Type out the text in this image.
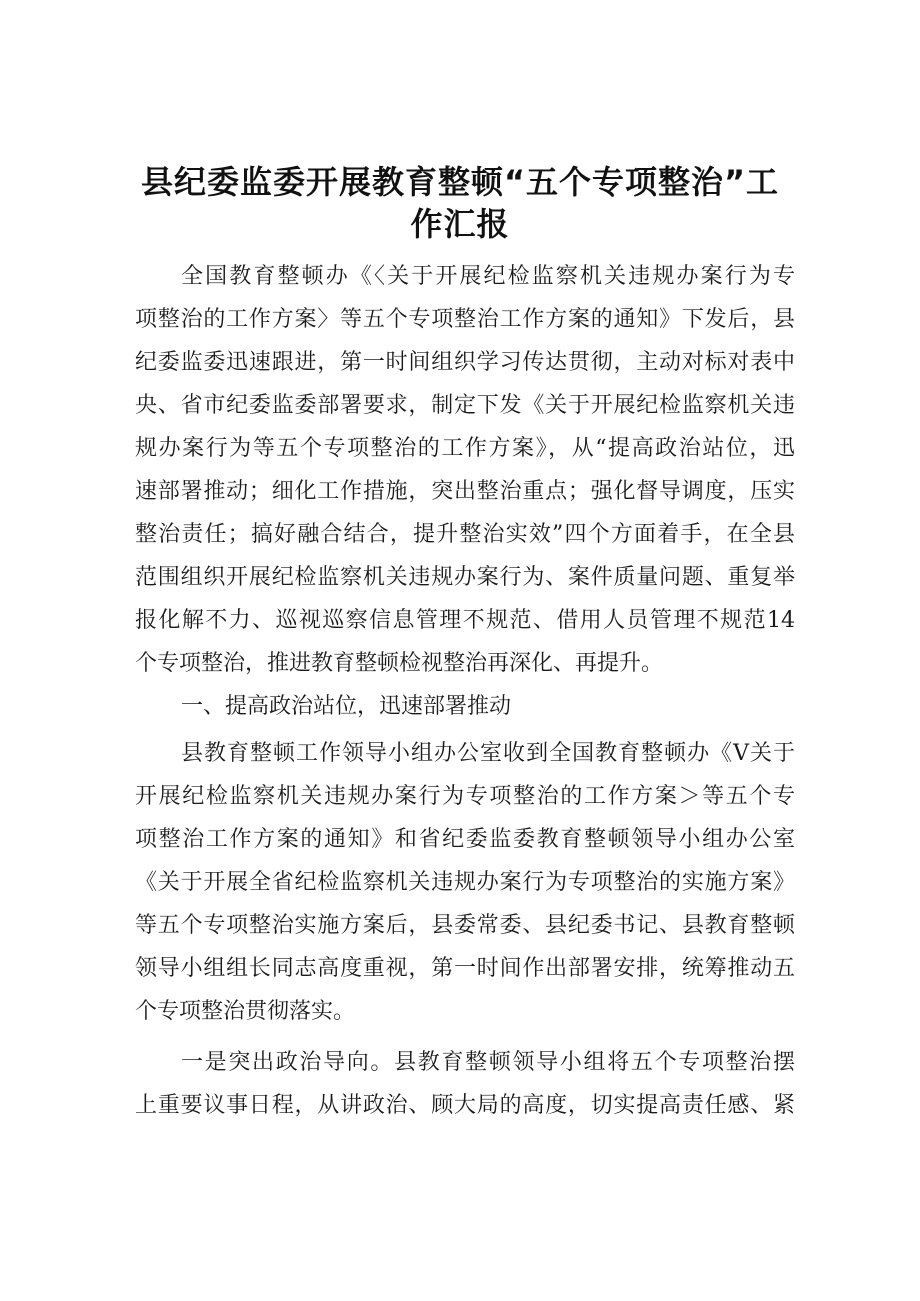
县纪委监委开展教育整顿“五个专项整治”工
作汇报
全国教育整顿办《〈关于开展纪检监察机关违规办案行为专
项整治的工作方案〉等五个专项整治工作方案的通知》下发后，县
纪委监委迅速跟进，第一时间组织学习传达贯彻，主动对标对表中
央、省市纪委监委部署要求，制定下发《关于开展纪检监察机关违
规办案行为等五个专项整治的工作方案》，从“提高政治站位，迅
速部署推动；细化工作措施，突出整治重点；强化督导调度，压实
整治责任；搞好融合结合，提升整治实效”四个方面着手，在全县
范围组织开展纪检监察机关违规办案行为、案件质量问题、重复举
报化解不力、巡视巡察信息管理不规范、借用人员管理不规范14
个专项整治，推进教育整顿检视整治再深化、再提升。
一、提高政治站位，迅速部署推动
县教育整顿工作领导小组办公室收到全国教育整顿办《V关于
开展纪检监察机关违规办案行为专项整治的工作方案＞等五个专
项整治工作方案的通知》和省纪委监委教育整顿领导小组办公室
《关于开展全省纪检监察机关违规办案行为专项整治的实施方案》
等五个专项整治实施方案后，县委常委、县纪委书记、县教育整顿
领导小组组长同志高度重视，第一时间作出部署安排，统筹推动五
个专项整治贯彻落实。
一是突出政治导向。县教育整顿领导小组将五个专项整治摆
上重要议事日程，从讲政治、顾大局的高度，切实提高责任感、紧
